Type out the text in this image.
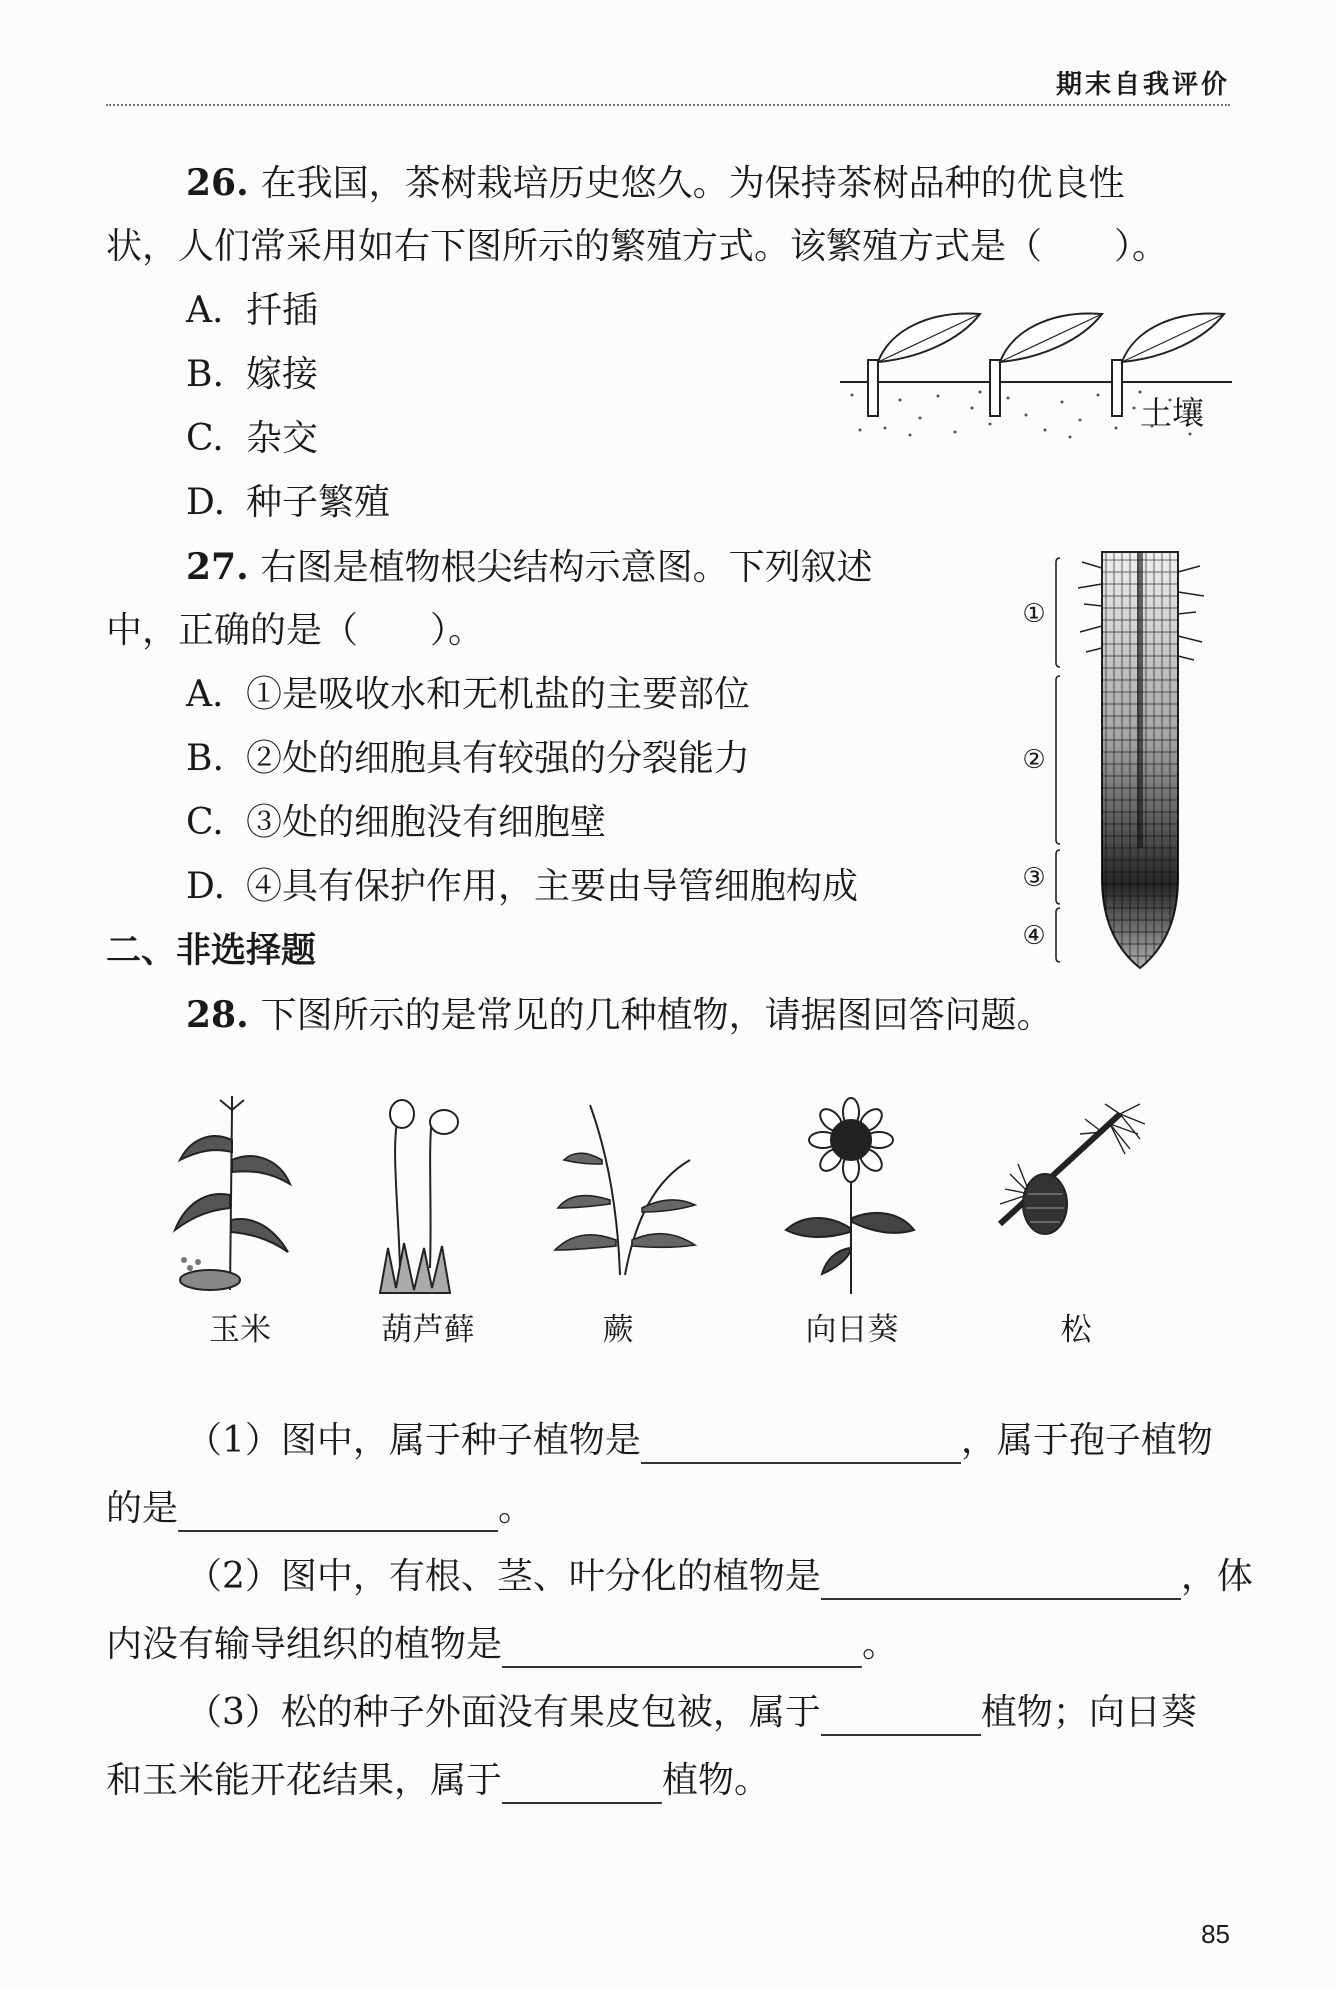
期末自我评价
26. 在我国，茶树栽培历史悠久。为保持茶树品种的优良性
状，人们常采用如右下图所示的繁殖方式。该繁殖方式是（　　）。
A. 扦插
B. 嫁接
C. 杂交
D. 种子繁殖
土壤
27. 右图是植物根尖结构示意图。下列叙述
中，正确的是（　　）。
A. ①是吸收水和无机盐的主要部位
B. ②处的细胞具有较强的分裂能力
C. ③处的细胞没有细胞壁
D. ④具有保护作用，主要由导管细胞构成
①
②
③
④
二、非选择题
28. 下图所示的是常见的几种植物，请据图回答问题。
玉米	葫芦藓	蕨	向日葵	松
（1）图中，属于种子植物是	，属于孢子植物
的是	。
（2）图中，有根、茎、叶分化的植物是	，体
内没有输导组织的植物是	。
（3）松的种子外面没有果皮包被，属于	植物；向日葵
和玉米能开花结果，属于	植物。
85
